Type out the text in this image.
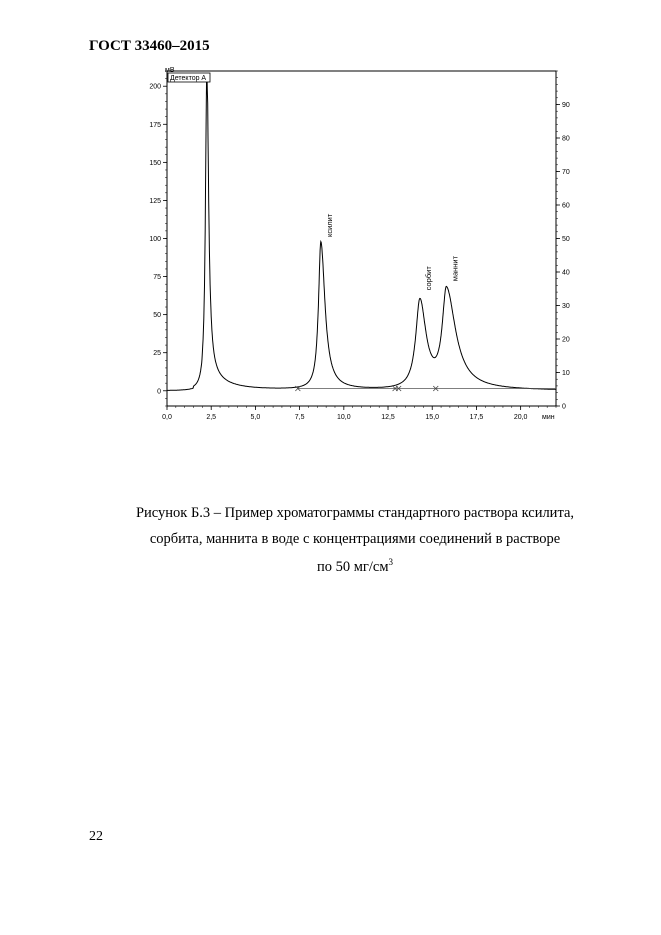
ГОСТ 33460–2015
0,0	2,5	5,0	7,5	10,0	12,5	15,0	17,5	20,0
0
25
50
75
100
125
150
175
200
0
10
20
30
40
50
60
70
80
90
ксилит
сорбит маннит
Детектор А
мВ
мин
Рисунок Б.3 – Пример хроматограммы стандартного раствора ксилита,
сорбита, маннита в воде с концентрациями соединений в растворе
по 50 $мг/см^3$
22
